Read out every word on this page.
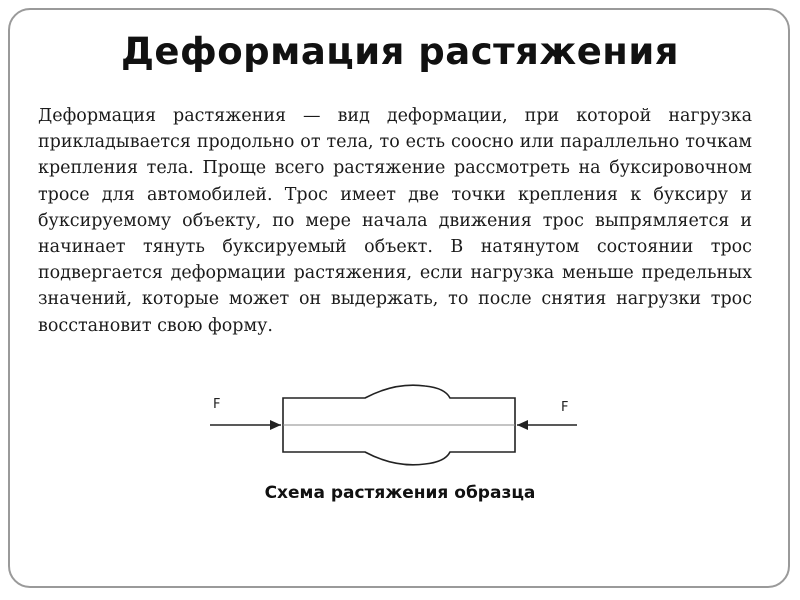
Деформация растяжения
Деформация растяжения — вид деформации, при которой нагрузка прикладывается продольно от тела, то есть соосно или параллельно точкам крепления тела. Проще всего растяжение рассмотреть на буксировочном тросе для автомобилей. Трос имеет две точки крепления к буксиру и буксируемому объекту, по мере начала движения трос выпрямляется и начинает тянуть буксируемый объект. В натянутом состоянии трос подвергается деформации растяжения, если нагрузка меньше предельных значений, которые может он выдержать, то после снятия нагрузки трос восстановит свою форму.
F	F
Схема растяжения образца
